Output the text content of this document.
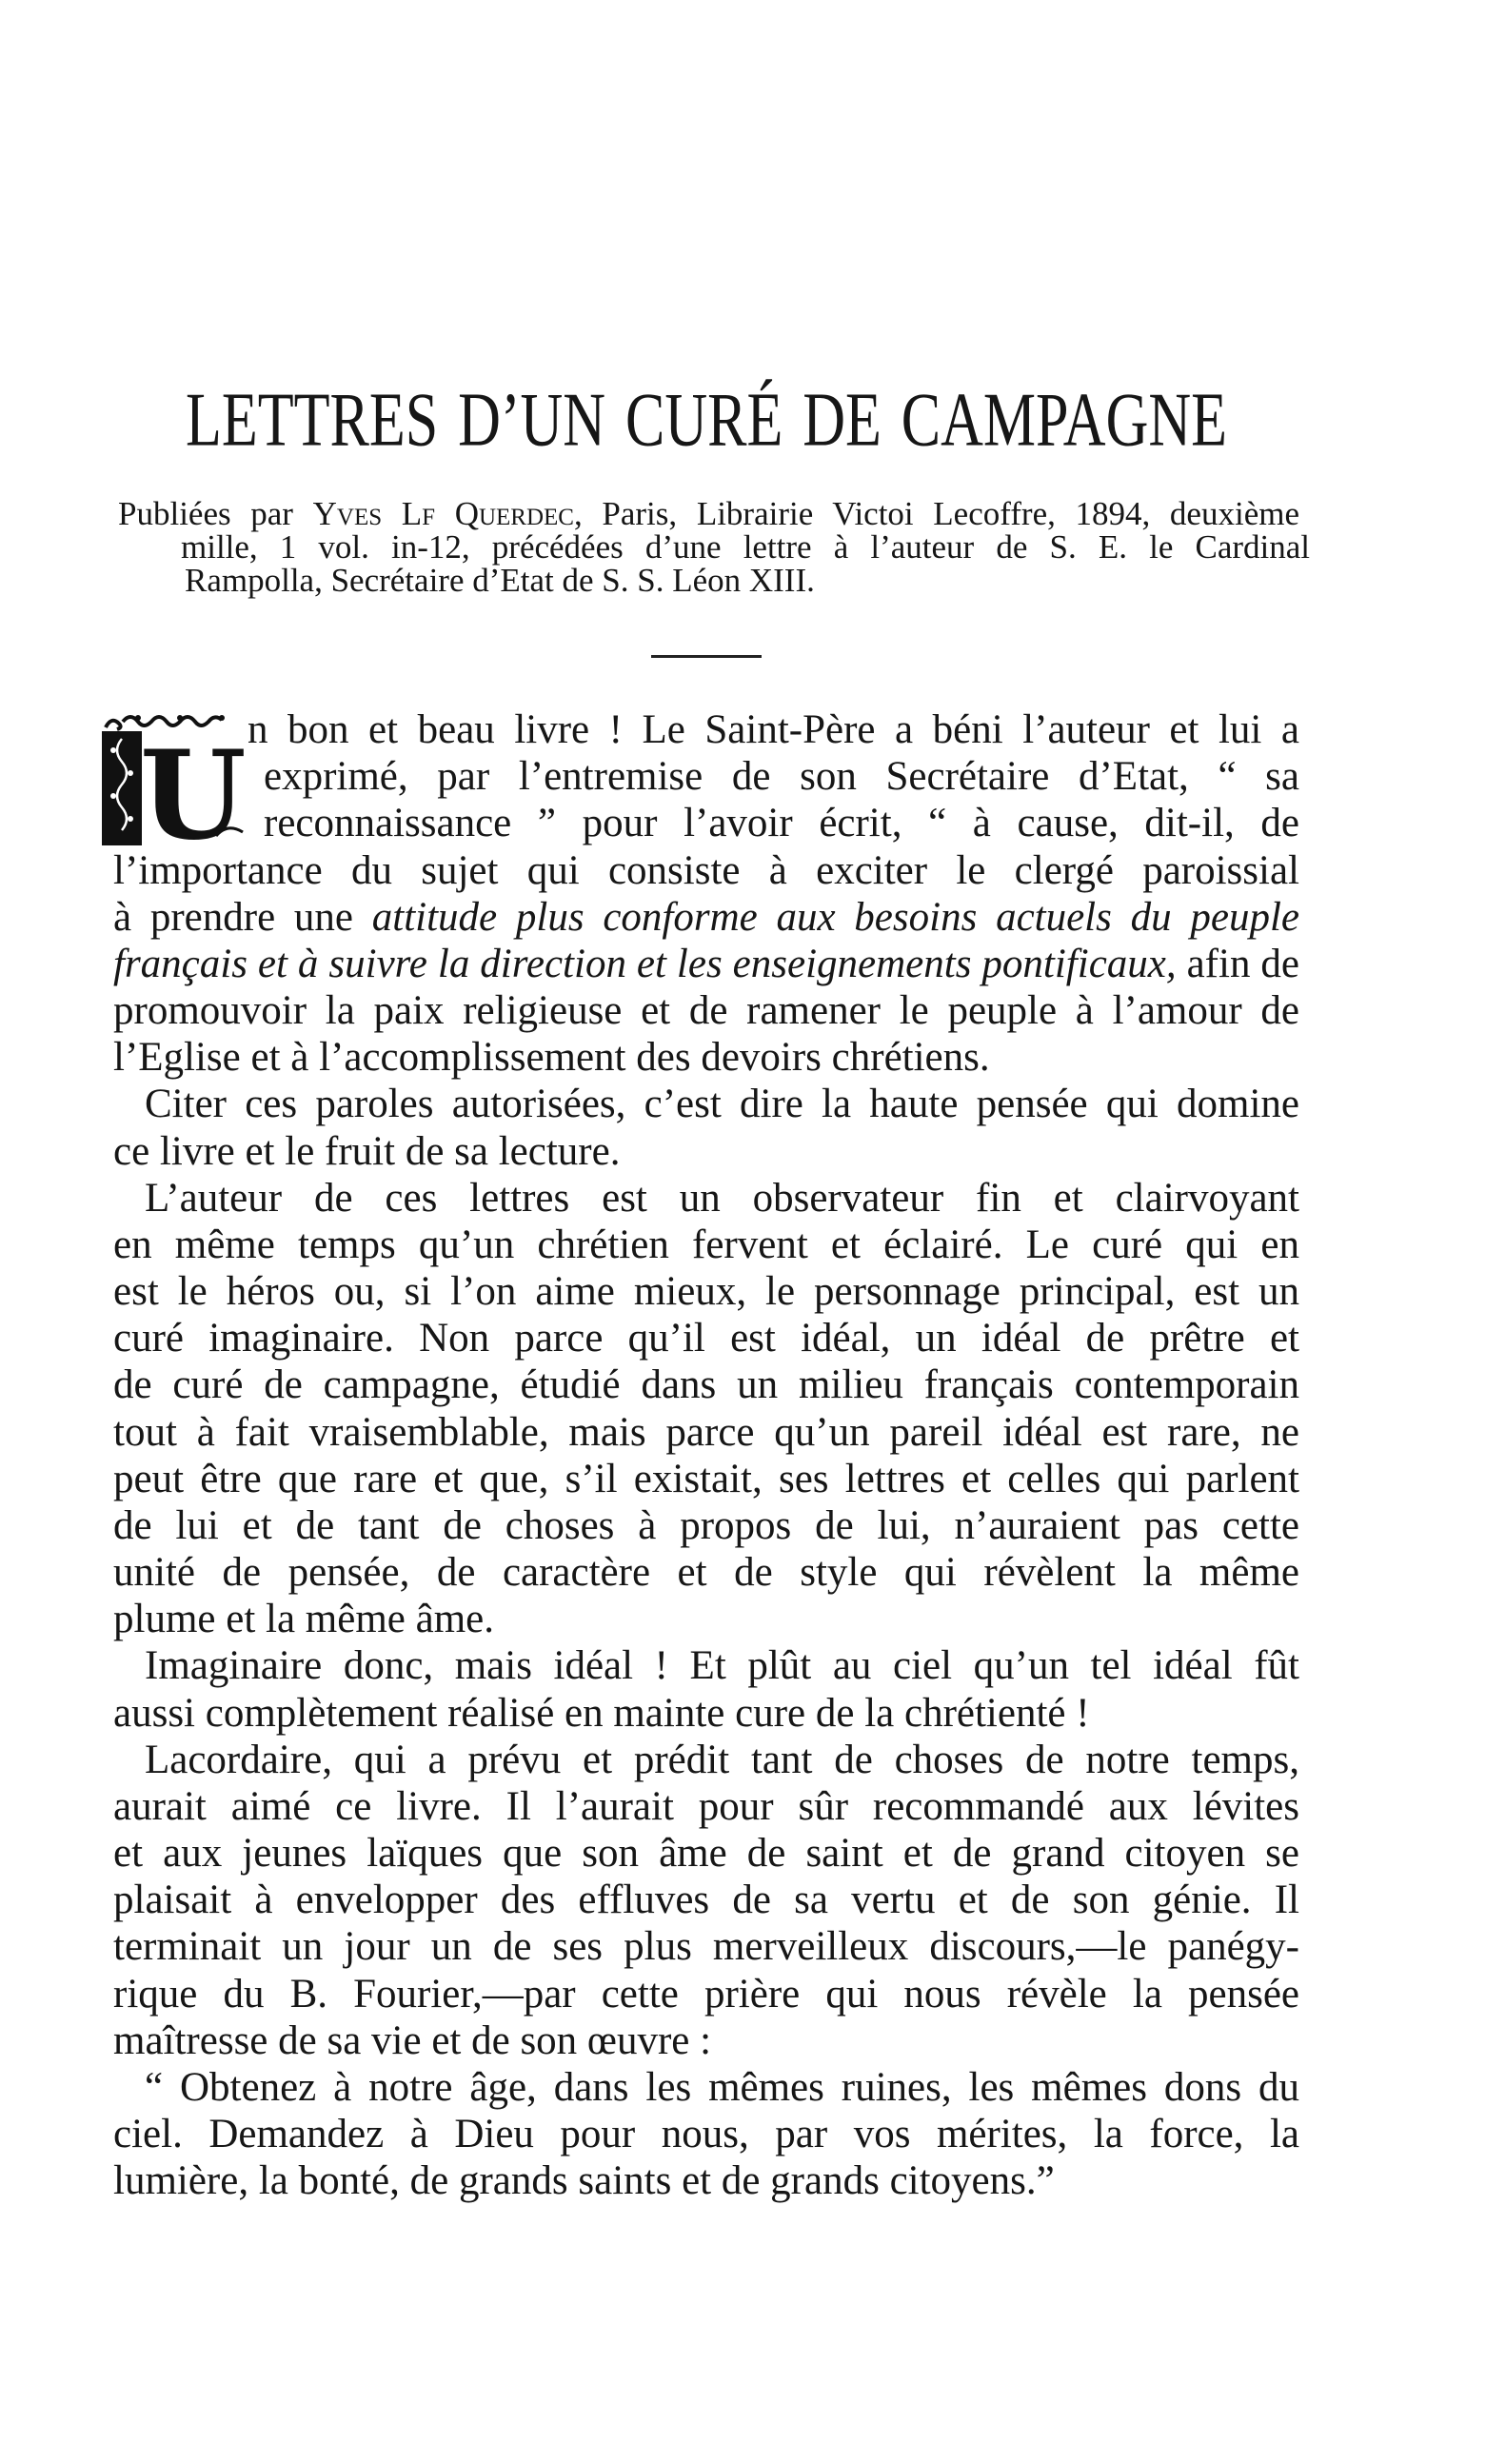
LETTRES D’UN CURÉ DE CAMPAGNE
Publiées par Yves Lf Querdec, Paris, Librairie Victoi Lecoffre, 1894, deuxième
mille, 1 vol. in-12, précédées d’une lettre à l’auteur de S. E. le Cardinal
Rampolla, Secrétaire d’Etat de S. S. Léon XIII.
U n bon et beau livre ! Le Saint-Père a béni l’auteur et lui a
exprimé, par l’entremise de son Secrétaire d’Etat, “ sa
reconnaissance ” pour l’avoir écrit, “ à cause, dit-il, de
l’importance du sujet qui consiste à exciter le clergé paroissial
à prendre une attitude plus conforme aux besoins actuels du peuple
français et à suivre la direction et les enseignements pontificaux, afin de
promouvoir la paix religieuse et de ramener le peuple à l’amour de
l’Eglise et à l’accomplissement des devoirs chrétiens.
Citer ces paroles autorisées, c’est dire la haute pensée qui domine
ce livre et le fruit de sa lecture.
L’auteur de ces lettres est un observateur fin et clairvoyant
en même temps qu’un chrétien fervent et éclairé. Le curé qui en
est le héros ou, si l’on aime mieux, le personnage principal, est un
curé imaginaire. Non parce qu’il est idéal, un idéal de prêtre et
de curé de campagne, étudié dans un milieu français contemporain
tout à fait vraisemblable, mais parce qu’un pareil idéal est rare, ne
peut être que rare et que, s’il existait, ses lettres et celles qui parlent
de lui et de tant de choses à propos de lui, n’auraient pas cette
unité de pensée, de caractère et de style qui révèlent la même
plume et la même âme.
Imaginaire donc, mais idéal ! Et plût au ciel qu’un tel idéal fût
aussi complètement réalisé en mainte cure de la chrétienté !
Lacordaire, qui a prévu et prédit tant de choses de notre temps,
aurait aimé ce livre. Il l’aurait pour sûr recommandé aux lévites
et aux jeunes laïques que son âme de saint et de grand citoyen se
plaisait à envelopper des effluves de sa vertu et de son génie. Il
terminait un jour un de ses plus merveilleux discours,—le panégy-
rique du B. Fourier,—par cette prière qui nous révèle la pensée
maîtresse de sa vie et de son œuvre :
“ Obtenez à notre âge, dans les mêmes ruines, les mêmes dons du
ciel. Demandez à Dieu pour nous, par vos mérites, la force, la
lumière, la bonté, de grands saints et de grands citoyens.”
